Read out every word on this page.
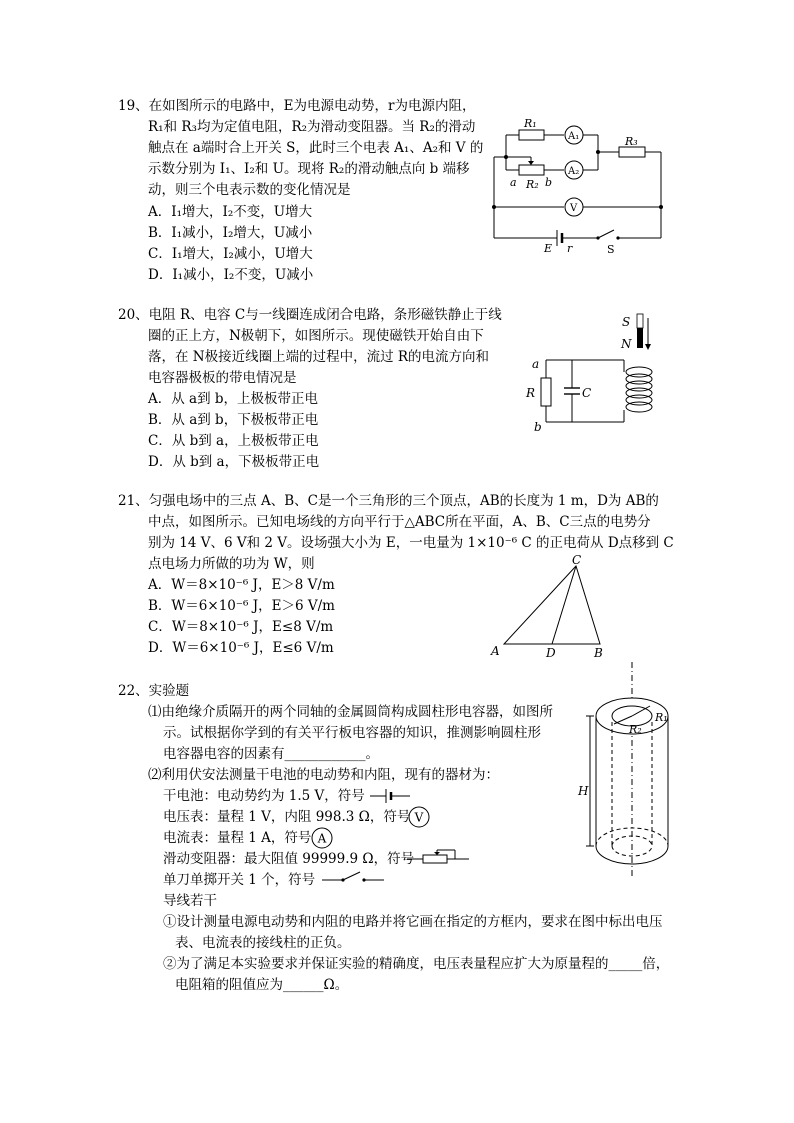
19、在如图所示的电路中，E为电源电动势，r为电源内阻，
R₁和 R₃均为定值电阻，R₂为滑动变阻器。当 R₂的滑动
触点在 a端时合上开关 S，此时三个电表 A₁、A₂和 V 的
示数分别为 I₁、I₂和 U。现将 R₂的滑动触点向 b 端移
动，则三个电表示数的变化情况是
A．I₁增大，I₂不变，U增大
B．I₁减小，I₂增大，U减小
C．I₁增大，I₂减小，U增大
D．I₁减小，I₂不变，U减小
R₁
A₁
A₂
R₃
a R₂ b
V
E r	S
20、电阻 R、电容 C与一线圈连成闭合电路，条形磁铁静止于线
圈的正上方，N极朝下，如图所示。现使磁铁开始自由下
落，在 N极接近线圈上端的过程中，流过 R的电流方向和
电容器极板的带电情况是
A．从 a到 b，上极板带正电
B．从 a到 b，下极板带正电
C．从 b到 a，上极板带正电
D．从 b到 a，下极板带正电
S
N
a
R	C
b
21、匀强电场中的三点 A、B、C是一个三角形的三个顶点，AB的长度为 1 m，D为 AB的
中点，如图所示。已知电场线的方向平行于△ABC所在平面，A、B、C三点的电势分
别为 14 V、6 V和 2 V。设场强大小为 E，一电量为 1×10⁻⁶ C 的正电荷从 D点移到 C
点电场力所做的功为 W，则
A．W＝8×10⁻⁶ J，E＞8 V/m
B．W＝6×10⁻⁶ J，E＞6 V/m
C．W＝8×10⁻⁶ J，E≤8 V/m
D．W＝6×10⁻⁶ J，E≤6 V/m
C
A	D	B
22、实验题
⑴由绝缘介质隔开的两个同轴的金属圆筒构成圆柱形电容器，如图所
示。试根据你学到的有关平行板电容器的知识，推测影响圆柱形
电容器电容的因素有____________。
⑵利用伏安法测量干电池的电动势和内阻，现有的器材为：
干电池：电动势约为 1.5 V，符号
电压表：量程 1 V，内阻 998.3 Ω，符号 V
电流表：量程 1 A，符号 A
滑动变阻器：最大阻值 99999.9 Ω，符号
单刀单掷开关 1 个，符号
导线若干
①设计测量电源电动势和内阻的电路并将它画在指定的方框内，要求在图中标出电压
表、电流表的接线柱的正负。
②为了满足本实验要求并保证实验的精确度，电压表量程应扩大为原量程的_____倍，
电阻箱的阻值应为______Ω。
R₁
R₂
H
